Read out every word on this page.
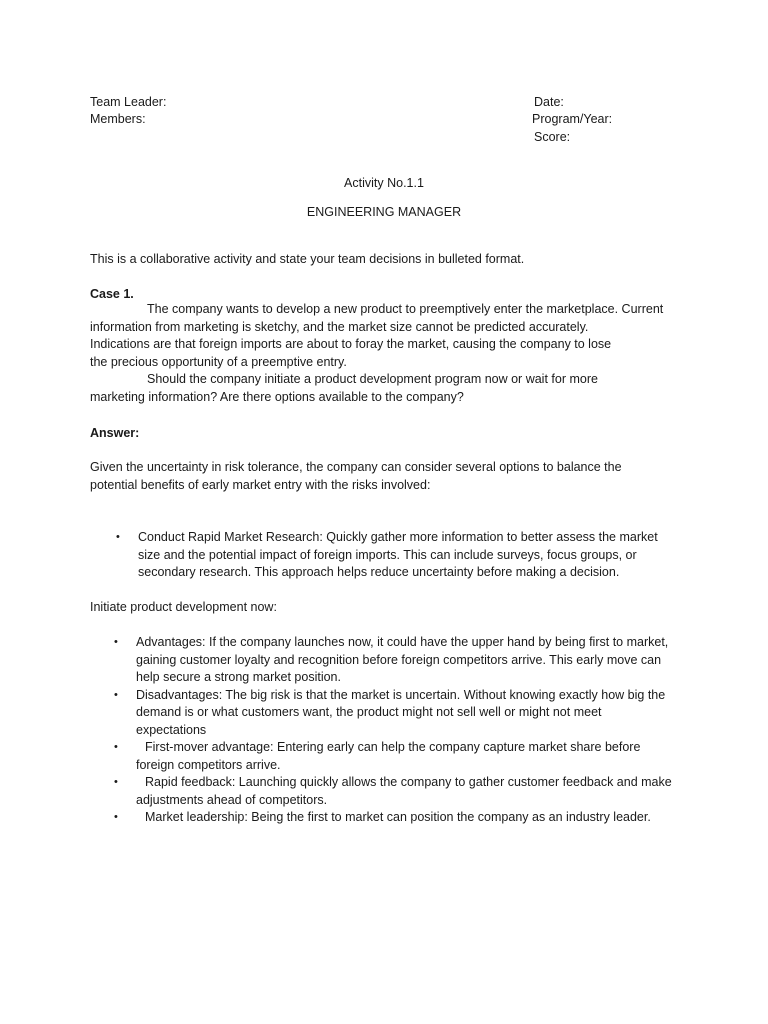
Team Leader:
Members:
Date:
Program/Year:
Score:
Activity No.1.1
ENGINEERING MANAGER
This is a collaborative activity and state your team decisions in bulleted format.
Case 1.
The company wants to develop a new product to preemptively enter the marketplace. Current
information from marketing is sketchy, and the market size cannot be predicted accurately.
Indications are that foreign imports are about to foray the market, causing the company to lose
the precious opportunity of a preemptive entry.
Should the company initiate a product development program now or wait for more
marketing information? Are there options available to the company?
Answer:
Given the uncertainty in risk tolerance, the company can consider several options to balance the
potential benefits of early market entry with the risks involved:
• Conduct Rapid Market Research: Quickly gather more information to better assess the market
size and the potential impact of foreign imports. This can include surveys, focus groups, or
secondary research. This approach helps reduce uncertainty before making a decision.
Initiate product development now:
• Advantages: If the company launches now, it could have the upper hand by being first to market,
gaining customer loyalty and recognition before foreign competitors arrive. This early move can
help secure a strong market position.
• Disadvantages: The big risk is that the market is uncertain. Without knowing exactly how big the
demand is or what customers want, the product might not sell well or might not meet
expectations
•	First-mover advantage: Entering early can help the company capture market share before
foreign competitors arrive.
•	Rapid feedback: Launching quickly allows the company to gather customer feedback and make
adjustments ahead of competitors.
•	Market leadership: Being the first to market can position the company as an industry leader.
